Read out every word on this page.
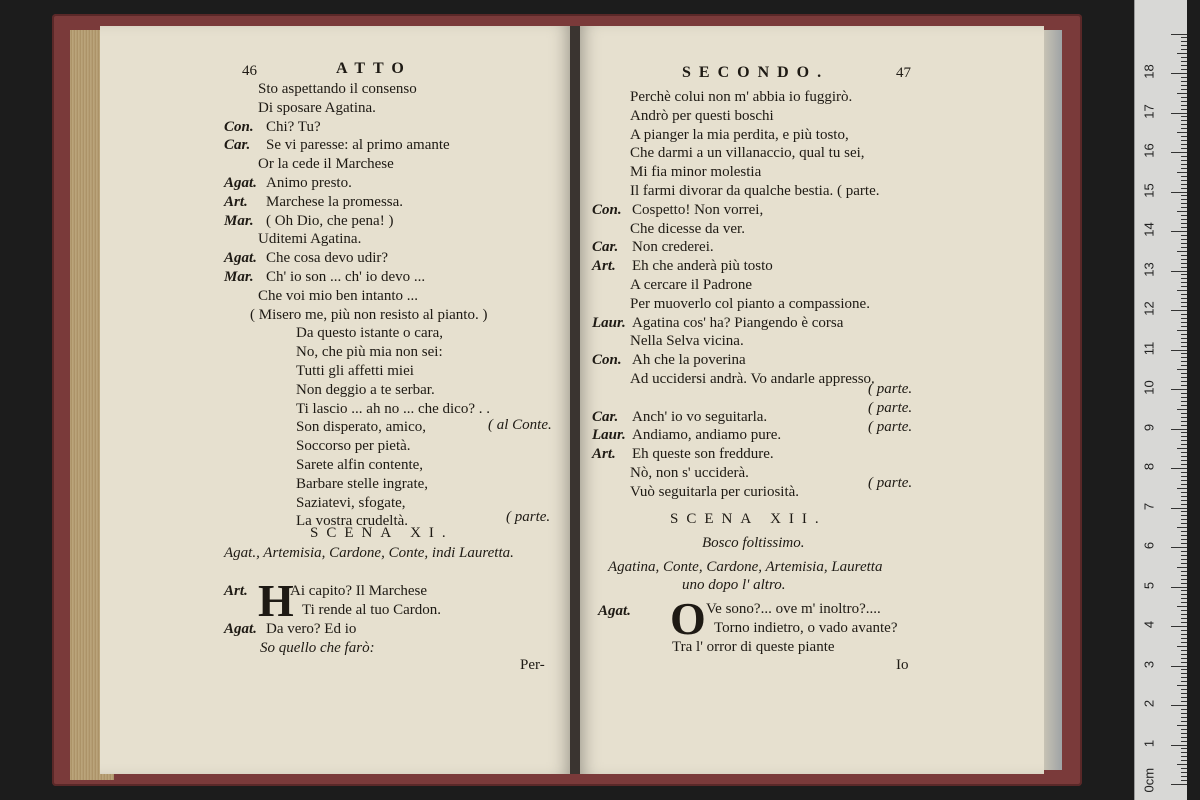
46	ATTO
Sto aspettando il consenso
Di sposare Agatina.
Con. Chi? Tu?
Car. Se vi paresse: al primo amante
Or la cede il Marchese
Agat. Animo presto.
Art. Marchese la promessa.
Mar. ( Oh Dio, che pena! )
Uditemi Agatina.
Agat. Che cosa devo udir?
Mar. Ch' io son ... ch' io devo ...
Che voi mio ben intanto ...
( Misero me, più non resisto al pianto. )
Da questo istante o cara,
No, che più mia non sei:
Tutti gli affetti miei
Non deggio a te serbar.
Ti lascio ... ah no ... che dico? . .
Son disperato, amico,
Soccorso per pietà.
Sarete alfin contente,
Barbare stelle ingrate,
Saziatevi, sfogate,
La vostra crudeltà.
( al Conte.
( parte.
SCENA XI.
Agat., Artemisia, Cardone, Conte, indi Lauretta.
Art. H
Ai capito? Il Marchese
Ti rende al tuo Cardon.
Agat. Da vero? Ed io
So quello che farò:
Per-
SECONDO.	47
Perchè colui non m' abbia io fuggirò.
Andrò per questi boschi
A pianger la mia perdita, e più tosto,
Che darmi a un villanaccio, qual tu sei,
Mi fia minor molestia
Il farmi divorar da qualche bestia. ( parte.
Con. Cospetto! Non vorrei,
Che dicesse da ver.
Car. Non crederei.
Art. Eh che anderà più tosto
A cercare il Padrone
Per muoverlo col pianto a compassione.
Laur. Agatina cos' ha? Piangendo è corsa
Nella Selva vicina.
Con. Ah che la poverina
Ad uccidersi andrà. Vo andarle appresso.
Car. Anch' io vo seguitarla.
Laur. Andiamo, andiamo pure.
Art. Eh queste son freddure.
Nò, non s' ucciderà.
Vuò seguitarla per curiosità.
( parte.
( parte.
( parte.
( parte.
SCENA XII.
Bosco foltissimo.
Agatina, Conte, Cardone, Artemisia, Lauretta
uno dopo l' altro.
Agat. O Ve sono?... ove m' inoltro?....
Torno indietro, o vado avante?
Tra l' orror di queste piante
Io
0cm
1
2
3
4
5
6
7
8
9
10
11
12
13
14
15
16
17
18
